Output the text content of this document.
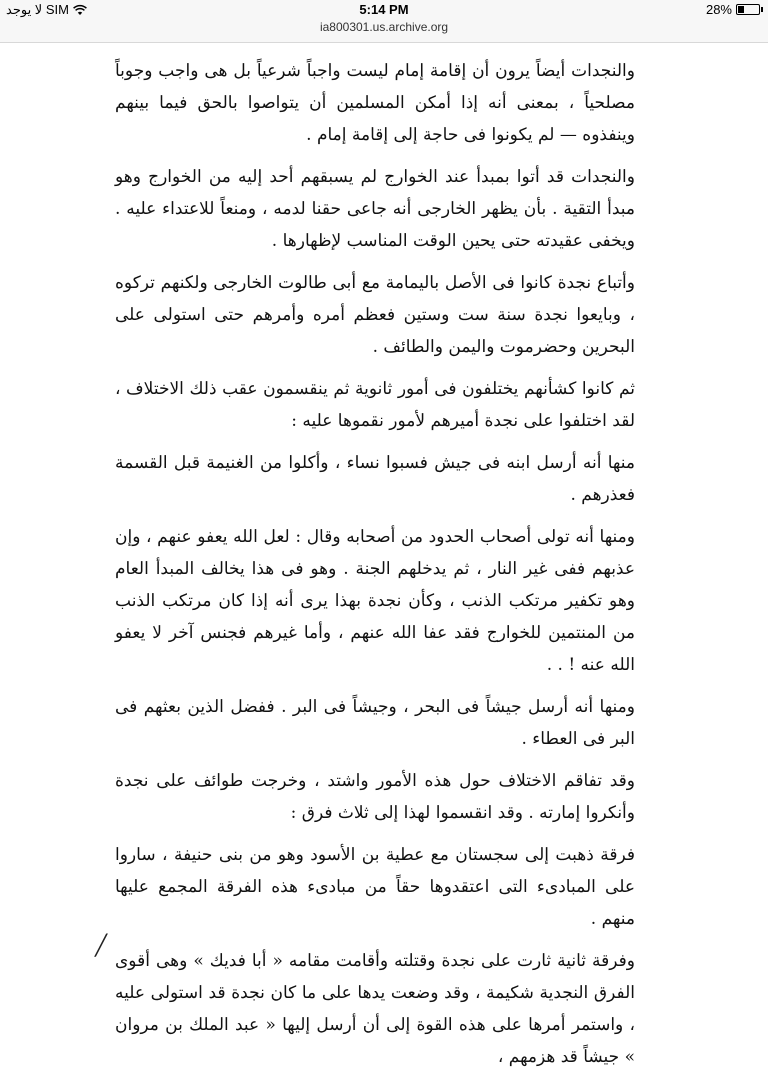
لا يوجد SIM	5:14 PM	28%
ia800301.us.archive.org

والنجدات أيضاً يرون أن إقامة إمام ليست واجباً شرعياً بل هى واجب وجوباً مصلحياً ، بمعنى أنه إذا أمكن المسلمين أن يتواصوا بالحق فيما بينهم وينفذوه — لم يكونوا فى حاجة إلى إقامة إمام .

والنجدات قد أتوا بمبدأ عند الخوارج لم يسبقهم أحد إليه من الخوارج وهو مبدأ التقية . بأن يظهر الخارجى أنه جاعى حقنا لدمه ، ومنعاً للاعتداء عليه . ويخفى عقيدته حتى يحين الوقت المناسب لإظهارها .

وأتباع نجدة كانوا فى الأصل باليمامة مع أبى طالوت الخارجى ولكنهم تركوه ، وبايعوا نجدة سنة ست وستين فعظم أمره وأمرهم حتى استولى على البحرين وحضرموت واليمن والطائف .

ثم كانوا كشأنهم يختلفون فى أمور ثانوية ثم ينقسمون عقب ذلك الاختلاف ، لقد اختلفوا على نجدة أميرهم لأمور نقموها عليه :

منها أنه أرسل ابنه فى جيش فسبوا نساء ، وأكلوا من الغنيمة قبل القسمة فعذرهم .

ومنها أنه تولى أصحاب الحدود من أصحابه وقال : لعل الله يعفو عنهم ، وإن عذبهم ففى غير النار ، ثم يدخلهم الجنة . وهو فى هذا يخالف المبدأ العام وهو تكفير مرتكب الذنب ، وكأن نجدة بهذا يرى أنه إذا كان مرتكب الذنب من المنتمين للخوارج فقد عفا الله عنهم ، وأما غيرهم فجنس آخر لا يعفو الله عنه ! . .

ومنها أنه أرسل جيشاً فى البحر ، وجيشاً فى البر . ففضل الذين بعثهم فى البر فى العطاء .

وقد تفاقم الاختلاف حول هذه الأمور واشتد ، وخرجت طوائف على نجدة وأنكروا إمارته . وقد انقسموا لهذا إلى ثلاث فرق :

فرقة ذهبت إلى سجستان مع عطية بن الأسود وهو من بنى حنيفة ، ساروا على المبادىء التى اعتقدوها حقاً من مبادىء هذه الفرقة المجمع عليها منهم .

وفرقة ثانية ثارت على نجدة وقتلته وأقامت مقامه « أبا فديك » وهى أقوى الفرق النجدية شكيمة ، وقد وضعت يدها على ما كان نجدة قد استولى عليه ، واستمر أمرها على هذه القوة إلى أن أرسل إليها « عبد الملك بن مروان » جيشاً قد هزمهم ،

╱
